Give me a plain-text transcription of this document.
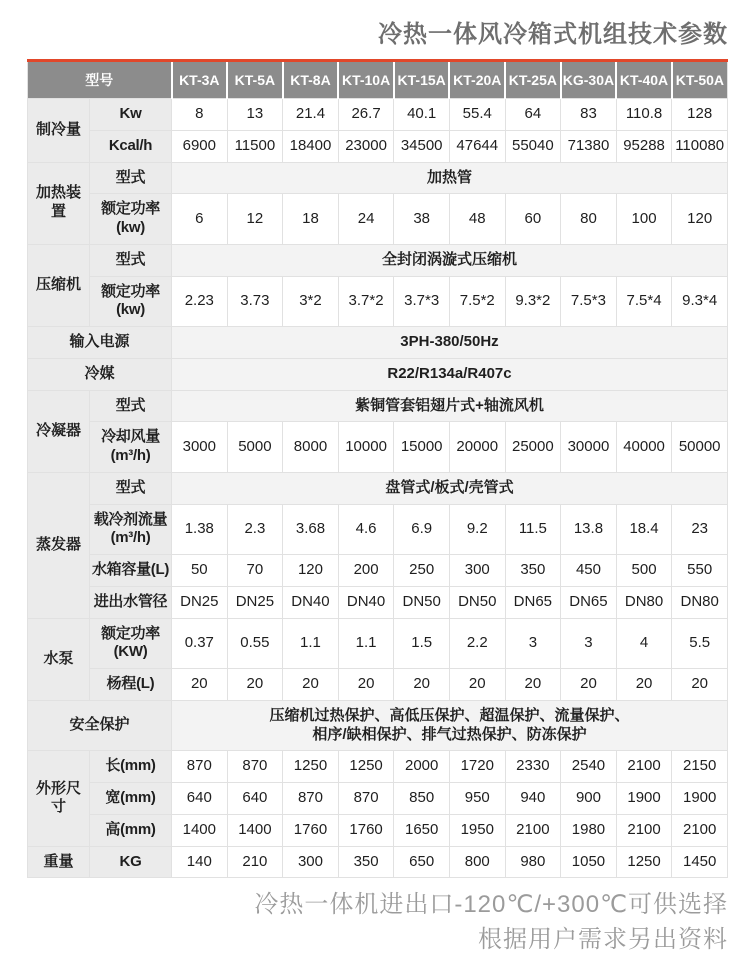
冷热一体风冷箱式机组技术参数
型号		KT-3A	KT-5A	KT-8A	KT-10A	KT-15A	KT-20A	KT-25A	KG-30A	KT-40A	KT-50A
制冷量	Kw	8	13	21.4	26.7	40.1	55.4	64	83	110.8	128
	Kcal/h	6900	11500	18400	23000	34500	47644	55040	71380	95288	110080
加热装置	型式	加热管									
	额定功率(kw)	6	12	18	24	38	48	60	80	100	120
压缩机	型式	全封闭涡漩式压缩机									
	额定功率(kw)	2.23	3.73	3*2	3.7*2	3.7*3	7.5*2	9.3*2	7.5*3	7.5*4	9.3*4
输入电源		3PH-380/50Hz									
冷媒		R22/R134a/R407c									
冷凝器	型式	紫铜管套铝翅片式+轴流风机									
	冷却风量(m³/h)	3000	5000	8000	10000	15000	20000	25000	30000	40000	50000
蒸发器	型式	盘管式/板式/壳管式									
	载冷剂流量 (m³/h)	1.38	2.3	3.68	4.6	6.9	9.2	11.5	13.8	18.4	23
	水箱容量(L)	50	70	120	200	250	300	350	450	500	550
	进出水管径	DN25	DN25	DN40	DN40	DN50	DN50	DN65	DN65	DN80	DN80
水泵	额定功率(KW)	0.37	0.55	1.1	1.1	1.5	2.2	3	3	4	5.5
	杨程(L)	20	20	20	20	20	20	20	20	20	20
安全保护		压缩机过热保护、高低压保护、超温保护、流量保护、
相序/缺相保护、排气过热保护、防冻保护									
外形尺寸	长(mm)	870	870	1250	1250	2000	1720	2330	2540	2100	2150
	宽(mm)	640	640	870	870	850	950	940	900	1900	1900
	高(mm)	1400	1400	1760	1760	1650	1950	2100	1980	2100	2100
重量	KG	140	210	300	350	650	800	980	1050	1250	1450
冷热一体机进出口-120℃/+300℃可供选择
根据用户需求另出资料
